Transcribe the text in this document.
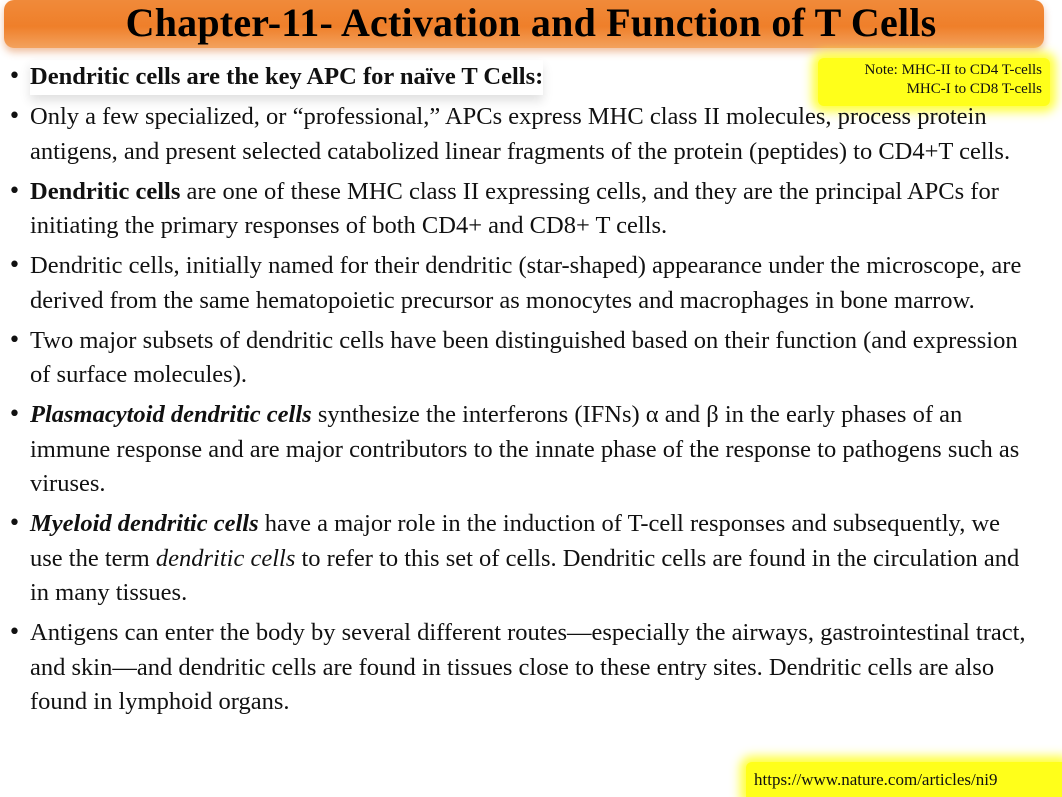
Chapter-11- Activation and Function of T Cells
Note: MHC-II to CD4 T-cells
MHC-I to CD8 T-cells
• Dendritic cells are the key APC for naïve T Cells:
• Only a few specialized, or “professional,” APCs express MHC class II molecules, process protein antigens, and present selected catabolized linear fragments of the protein (peptides) to CD4+T cells.
• Dendritic cells are one of these MHC class II expressing cells, and they are the principal APCs for initiating the primary responses of both CD4+ and CD8+ T cells.
• Dendritic cells, initially named for their dendritic (star-shaped) appearance under the microscope, are derived from the same hematopoietic precursor as monocytes and macrophages in bone marrow.
• Two major subsets of dendritic cells have been distinguished based on their function (and expression of surface molecules).
• Plasmacytoid dendritic cells synthesize the interferons (IFNs) α and β in the early phases of an immune response and are major contributors to the innate phase of the response to pathogens such as viruses.
• Myeloid dendritic cells have a major role in the induction of T-cell responses and subsequently, we use the term dendritic cells to refer to this set of cells. Dendritic cells are found in the circulation and in many tissues.
• Antigens can enter the body by several different routes—especially the airways, gastrointestinal tract, and skin—and dendritic cells are found in tissues close to these entry sites. Dendritic cells are also found in lymphoid organs.
https://www.nature.com/articles/ni9
